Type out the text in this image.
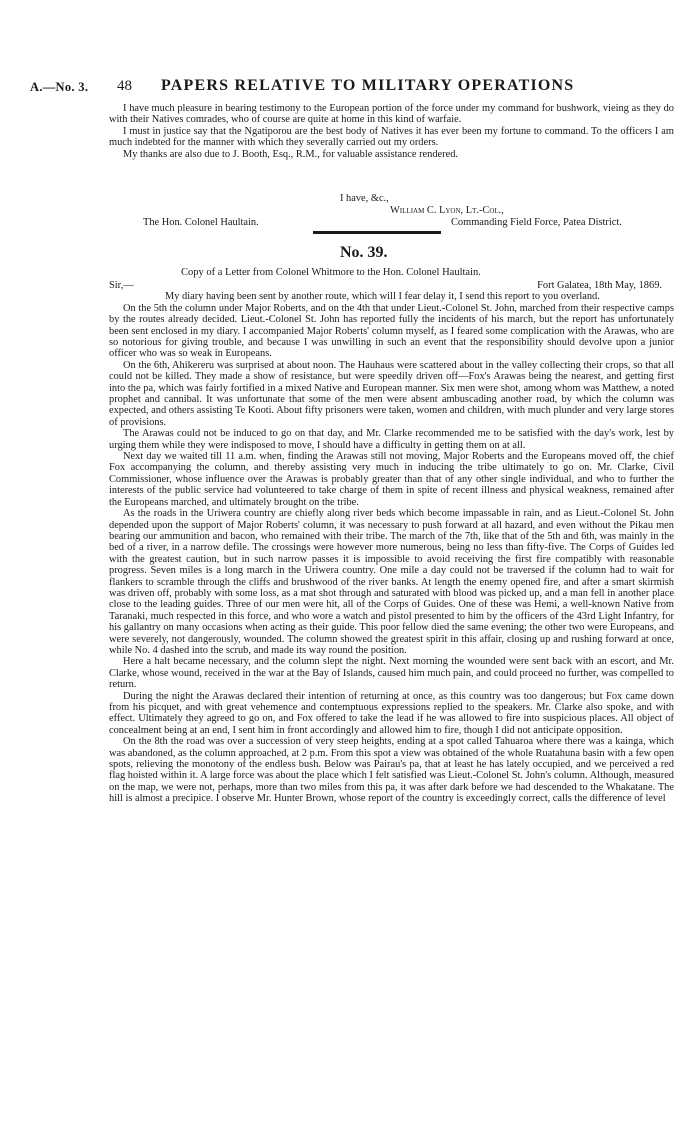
A.—No. 3. 48 PAPERS RELATIVE TO MILITARY OPERATIONS

I have much pleasure in bearing testimony to the European portion of the force under my command for bushwork, vieing as they do with their Natives comrades, who of course are quite at home in this kind of warfaie.

I must in justice say that the Ngatiporou are the best body of Natives it has ever been my fortune to command. To the officers I am much indebted for the manner with which they severally carried out my orders.

My thanks are also due to J. Booth, Esq., R.M., for valuable assistance rendered.

I have, &c.,
William C. Lyon, Lt.-Col.,
The Hon. Colonel Haultain.	Commanding Field Force, Patea District.
No. 39.
Copy of a Letter from Colonel Whitmore to the Hon. Colonel Haultain.
Sir,—	Fort Galatea, 18th May, 1869.

My diary having been sent by another route, which will I fear delay it, I send this report to you overland.

On the 5th the column under Major Roberts, and on the 4th that under Lieut.-Colonel St. John, marched from their respective camps by the routes already decided. Lieut.-Colonel St. John has reported fully the incidents of his march, but the report has unfortunately been sent enclosed in my diary. I accompanied Major Roberts' column myself, as I feared some complication with the Arawas, who are so notorious for giving trouble, and because I was unwilling in such an event that the responsibility should devolve upon a junior officer who was so weak in Europeans.

On the 6th, Ahikereru was surprised at about noon. The Hauhaus were scattered about in the valley collecting their crops, so that all could not be killed. They made a show of resistance, but were speedily driven off—Fox's Arawas being the nearest, and getting first into the pa, which was fairly fortified in a mixed Native and European manner. Six men were shot, among whom was Matthew, a noted prophet and cannibal. It was unfortunate that some of the men were absent ambuscading another road, by which the column was expected, and others assisting Te Kooti. About fifty prisoners were taken, women and children, with much plunder and very large stores of provisions.

The Arawas could not be induced to go on that day, and Mr. Clarke recommended me to be satisfied with the day's work, lest by urging them while they were indisposed to move, I should have a difficulty in getting them on at all.

Next day we waited till 11 a.m. when, finding the Arawas still not moving, Major Roberts and the Europeans moved off, the chief Fox accompanying the column, and thereby assisting very much in inducing the tribe ultimately to go on. Mr. Clarke, Civil Commissioner, whose influence over the Arawas is probably greater than that of any other single individual, and who to further the interests of the public service had volunteered to take charge of them in spite of recent illness and physical weakness, remained after the Europeans marched, and ultimately brought on the tribe.

As the roads in the Uriwera country are chiefly along river beds which become impassable in rain, and as Lieut.-Colonel St. John depended upon the support of Major Roberts' column, it was necessary to push forward at all hazard, and even without the Pikau men bearing our ammunition and bacon, who remained with their tribe. The march of the 7th, like that of the 5th and 6th, was mainly in the bed of a river, in a narrow defile. The crossings were however more numerous, being no less than fifty-five. The Corps of Guides led with the greatest caution, but in such narrow passes it is impossible to avoid receiving the first fire compatibly with reasonable progress. Seven miles is a long march in the Uriwera country. One mile a day could not be traversed if the column had to wait for flankers to scramble through the cliffs and brushwood of the river banks. At length the enemy opened fire, and after a smart skirmish was driven off, probably with some loss, as a mat shot through and saturated with blood was picked up, and a man fell in another place close to the leading guides. Three of our men were hit, all of the Corps of Guides. One of these was Hemi, a well-known Native from Taranaki, much respected in this force, and who wore a watch and pistol presented to him by the officers of the 43rd Light Infantry, for his gallantry on many occasions when acting as their guide. This poor fellow died the same evening; the other two were Europeans, and were severely, not dangerously, wounded. The column showed the greatest spirit in this affair, closing up and rushing forward at once, while No. 4 dashed into the scrub, and made its way round the position.

Here a halt became necessary, and the column slept the night. Next morning the wounded were sent back with an escort, and Mr. Clarke, whose wound, received in the war at the Bay of Islands, caused him much pain, and could proceed no further, was compelled to return.

During the night the Arawas declared their intention of returning at once, as this country was too dangerous; but Fox came down from his picquet, and with great vehemence and contemptuous expressions replied to the speakers. Mr. Clarke also spoke, and with effect. Ultimately they agreed to go on, and Fox offered to take the lead if he was allowed to fire into suspicious places. All object of concealment being at an end, I sent him in front accordingly and allowed him to fire, though I did not anticipate opposition.

On the 8th the road was over a succession of very steep heights, ending at a spot called Tahuaroa where there was a kainga, which was abandoned, as the column approached, at 2 p.m. From this spot a view was obtained of the whole Ruatahuna basin with a few open spots, relieving the monotony of the endless bush. Below was Pairau's pa, that at least he has lately occupied, and we perceived a red flag hoisted within it. A large force was about the place which I felt satisfied was Lieut.-Colonel St. John's column. Although, measured on the map, we were not, perhaps, more than two miles from this pa, it was after dark before we had descended to the Whakatane. The hill is almost a precipice. I observe Mr. Hunter Brown, whose report of the country is exceedingly correct, calls the difference of level
